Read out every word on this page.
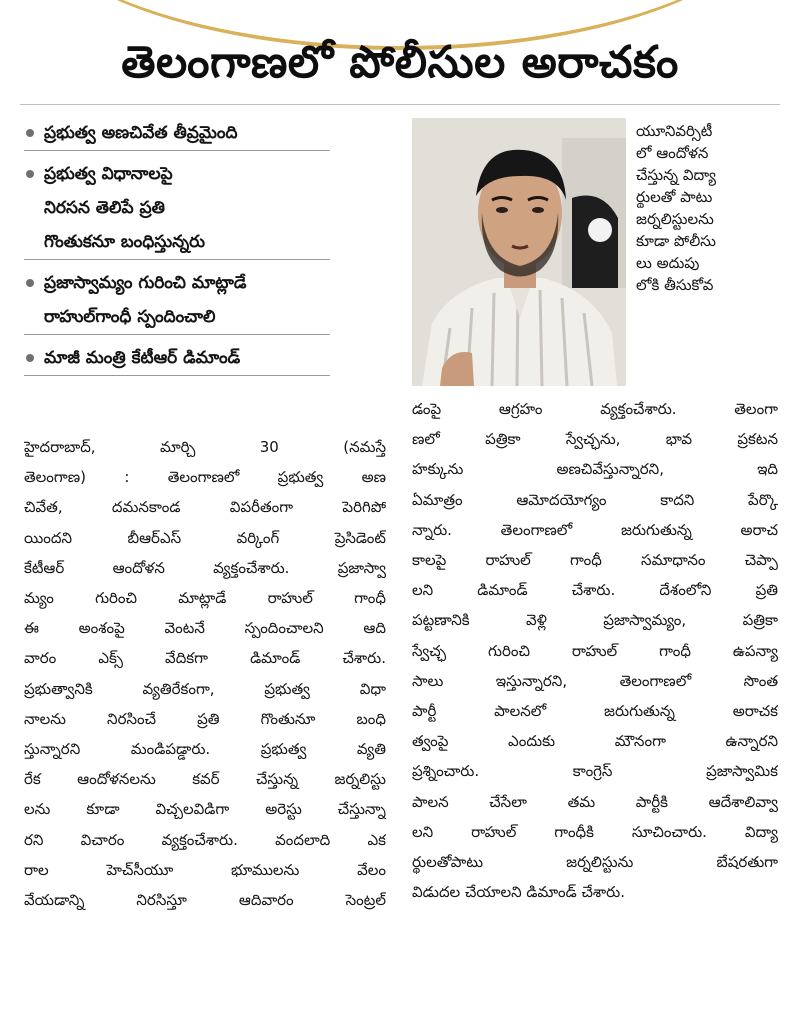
తెలంగాణలో పోలీసుల అరాచకం
ప్రభుత్వ అణచివేత తీవ్రమైంది
ప్రభుత్వ విధానాలపై
నిరసన తెలిపే ప్రతి
గొంతుకనూ బంధిస్తున్నరు
ప్రజాస్వామ్యం గురించి మాట్లాడే
రాహుల్‌గాంధీ స్పందించాలి
మాజీ మంత్రి కేటీఆర్ డిమాండ్
యూనివర్సిటీ
లో ఆందోళన
చేస్తున్న విద్యా
ర్థులతో పాటు
జర్నలిస్టులను
కూడా పోలీసు
లు అదుపు
లోకి తీసుకోవ
హైదరాబాద్, మార్చి 30 (నమస్తే
తెలంగాణ) : తెలంగాణలో ప్రభుత్వ అణ
చివేత, దమనకాండ విపరీతంగా పెరిగిపో
యిందని బీఆర్‌ఎస్ వర్కింగ్ ప్రెసిడెంట్
కేటీఆర్ ఆందోళన వ్యక్తంచేశారు. ప్రజాస్వా
మ్యం గురించి మాట్లాడే రాహుల్ గాంధీ
ఈ అంశంపై వెంటనే స్పందించాలని ఆది
వారం ఎక్స్ వేదికగా డిమాండ్ చేశారు.
ప్రభుత్వానికి వ్యతిరేకంగా, ప్రభుత్వ విధా
నాలను నిరసించే ప్రతి గొంతునూ బంధి
స్తున్నారని మండిపడ్డారు. ప్రభుత్వ వ్యతి
రేక ఆందోళనలను కవర్ చేస్తున్న జర్నలిస్టు
లను కూడా విచ్చలవిడిగా అరెస్టు చేస్తున్నా
రని విచారం వ్యక్తంచేశారు. వందలాది ఎక
రాల హెచ్‌సీయూ భూములను వేలం
వేయడాన్ని నిరసిస్తూ ఆదివారం సెంట్రల్
డంపై ఆగ్రహం వ్యక్తంచేశారు. తెలంగా
ణలో పత్రికా స్వేచ్ఛను, భావ ప్రకటన
హక్కును అణచివేస్తున్నారని, ఇది
ఏమాత్రం ఆమోదయోగ్యం కాదని పేర్కొ
న్నారు. తెలంగాణలో జరుగుతున్న అరాచ
కాలపై రాహుల్ గాంధీ సమాధానం చెప్పా
లని డిమాండ్ చేశారు. దేశంలోని ప్రతి
పట్టణానికి వెళ్లి ప్రజాస్వామ్యం, పత్రికా
స్వేచ్ఛ గురించి రాహుల్ గాంధీ ఉపన్యా
సాలు ఇస్తున్నారని, తెలంగాణలో సొంత
పార్టీ పాలనలో జరుగుతున్న అరాచక
త్వంపై ఎందుకు మౌనంగా ఉన్నారని
ప్రశ్నించారు. కాంగ్రెస్ ప్రజాస్వామిక
పాలన చేసేలా తమ పార్టీకి ఆదేశాలివ్వా
లని రాహుల్ గాంధీకి సూచించారు. విద్యా
ర్థులతోపాటు జర్నలిస్టును బేషరతుగా
విడుదల చేయాలని డిమాండ్ చేశారు.
